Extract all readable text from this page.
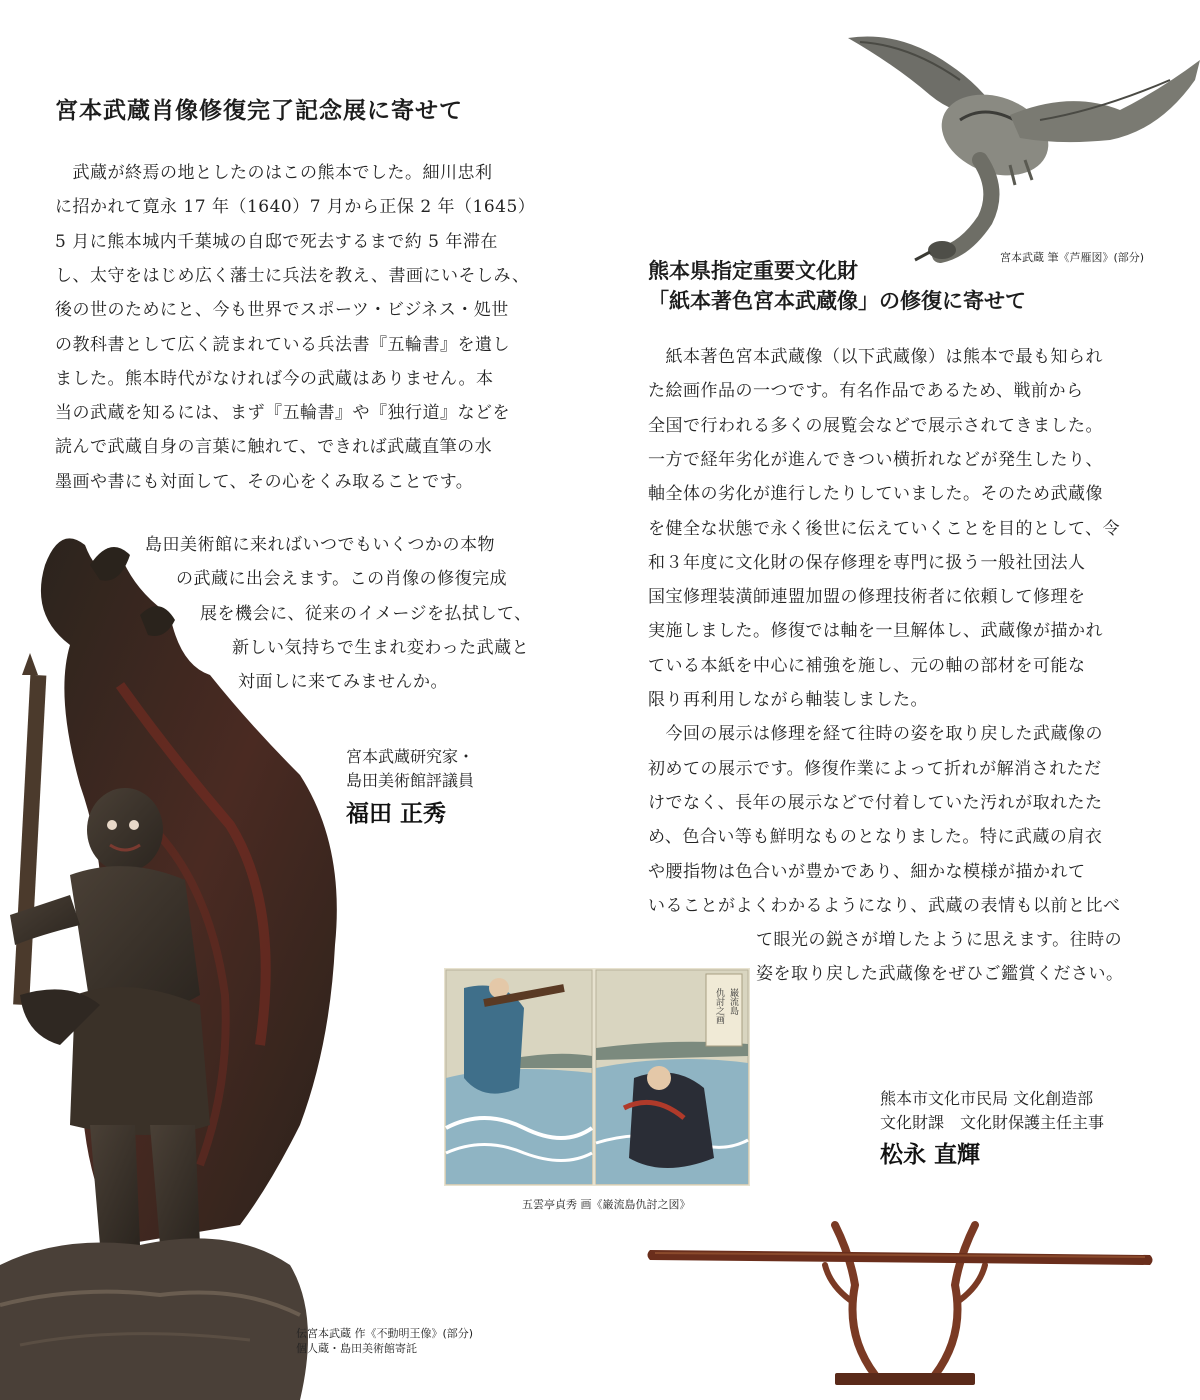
宮本武蔵肖像修復完了記念展に寄せて
　武蔵が終焉の地としたのはこの熊本でした。細川忠利
に招かれて寛永 17 年（1640）7 月から正保 2 年（1645）
5 月に熊本城内千葉城の自邸で死去するまで約 5 年滞在
し、太守をはじめ広く藩士に兵法を教え、書画にいそしみ、
後の世のためにと、今も世界でスポーツ・ビジネス・処世
の教科書として広く読まれている兵法書『五輪書』を遺し
ました。熊本時代がなければ今の武蔵はありません。本
当の武蔵を知るには、まず『五輪書』や『独行道』などを
読んで武蔵自身の言葉に触れて、できれば武蔵直筆の水
墨画や書にも対面して、その心をくみ取ることです。
島田美術館に来ればいつでもいくつかの本物
の武蔵に出会えます。この肖像の修復完成
展を機会に、従来のイメージを払拭して、
新しい気持ちで生まれ変わった武蔵と
対面しに来てみませんか。
宮本武蔵研究家・
島田美術館評議員
福田 正秀
伝宮本武蔵 作《不動明王像》(部分)
個人蔵・島田美術館寄託
宮本武蔵 筆《芦雁図》(部分)
熊本県指定重要文化財
「紙本著色宮本武蔵像」の修復に寄せて
　紙本著色宮本武蔵像（以下武蔵像）は熊本で最も知られ
た絵画作品の一つです。有名作品であるため、戦前から
全国で行われる多くの展覧会などで展示されてきました。
一方で経年劣化が進んできつい横折れなどが発生したり、
軸全体の劣化が進行したりしていました。そのため武蔵像
を健全な状態で永く後世に伝えていくことを目的として、令
和３年度に文化財の保存修理を専門に扱う一般社団法人
国宝修理装潢師連盟加盟の修理技術者に依頼して修理を
実施しました。修復では軸を一旦解体し、武蔵像が描かれ
ている本紙を中心に補強を施し、元の軸の部材を可能な
限り再利用しながら軸装しました。
　今回の展示は修理を経て往時の姿を取り戻した武蔵像の
初めての展示です。修復作業によって折れが解消されただ
けでなく、長年の展示などで付着していた汚れが取れたた
め、色合い等も鮮明なものとなりました。特に武蔵の肩衣
や腰指物は色合いが豊かであり、細かな模様が描かれて
いることがよくわかるようになり、武蔵の表情も以前と比べ
て眼光の鋭さが増したように思えます。往時の
姿を取り戻した武蔵像をぜひご鑑賞ください。
巌流島
仇討之画
五雲亭貞秀 画《巌流島仇討之図》
熊本市文化市民局 文化創造部
文化財課　文化財保護主任主事
松永 直輝
